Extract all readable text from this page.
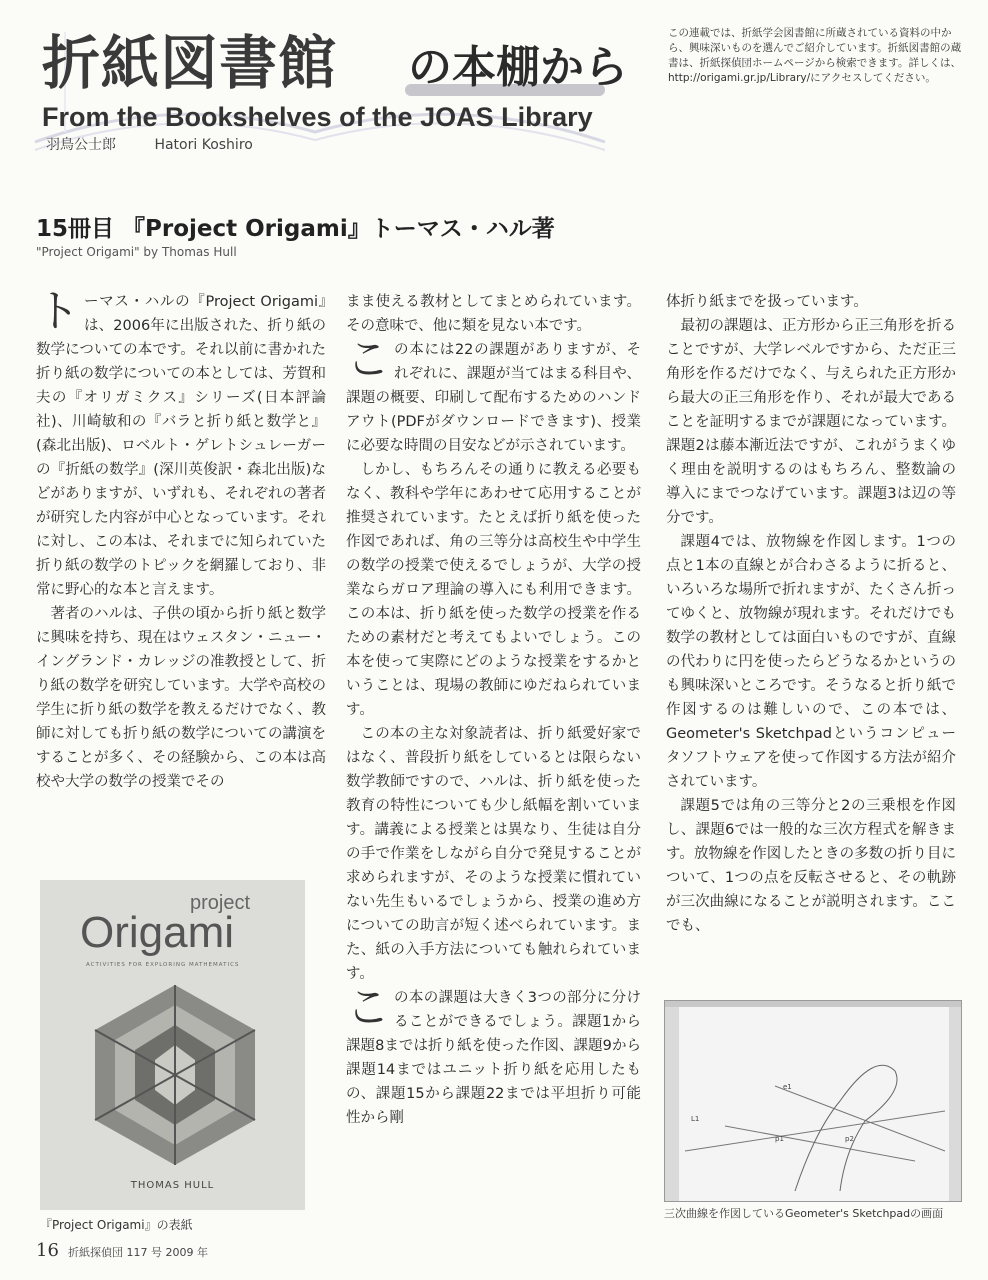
折紙図書館 の本棚から
From the Bookshelves of the JOAS Library
羽鳥公士郎	Hatori Koshiro
この連載では、折紙学会図書館に所蔵されている資料の中から、興味深いものを選んでご紹介しています。折紙図書館の蔵書は、折紙探偵団ホームページから検索できます。詳しくは、http://origami.gr.jp/Library/にアクセスしてください。
15冊目 『Project Origami』トーマス・ハル著
"Project Origami" by Thomas Hull

ト ーマス・ハルの『Project Origami』は、2006年に出版された、折り紙の数学についての本です。それ以前に書かれた折り紙の数学についての本としては、芳賀和夫の『オリガミクス』シリーズ(日本評論社)、川崎敏和の『バラと折り紙と数学と』(森北出版)、ロベルト・ゲレトシュレーガーの『折紙の数学』(深川英俊訳・森北出版)などがありますが、いずれも、それぞれの著者が研究した内容が中心となっています。それに対し、この本は、それまでに知られていた折り紙の数学のトピックを網羅しており、非常に野心的な本と言えます。

著者のハルは、子供の頃から折り紙と数学に興味を持ち、現在はウェスタン・ニュー・イングランド・カレッジの准教授として、折り紙の数学を研究しています。大学や高校の学生に折り紙の数学を教えるだけでなく、教師に対しても折り紙の数学についての講演をすることが多く、その経験から、この本は高校や大学の数学の授業でその

まま使える教材としてまとめられています。その意味で、他に類を見ない本です。

この本には22の課題がありますが、それぞれに、課題が当てはまる科目や、課題の概要、印刷して配布するためのハンドアウト(PDFがダウンロードできます)、授業に必要な時間の目安などが示されています。

しかし、もちろんその通りに教える必要もなく、教科や学年にあわせて応用することが推奨されています。たとえば折り紙を使った作図であれば、角の三等分は高校生や中学生の数学の授業で使えるでしょうが、大学の授業ならガロア理論の導入にも利用できます。この本は、折り紙を使った数学の授業を作るための素材だと考えてもよいでしょう。この本を使って実際にどのような授業をするかということは、現場の教師にゆだねられています。

この本の主な対象読者は、折り紙愛好家ではなく、普段折り紙をしているとは限らない数学教師ですので、ハルは、折り紙を使った教育の特性についても少し紙幅を割いています。講義による授業とは異なり、生徒は自分の手で作業をしながら自分で発見することが求められますが、そのような授業に慣れていない先生もいるでしょうから、授業の進め方についての助言が短く述べられています。また、紙の入手方法についても触れられています。

この本の課題は大きく3つの部分に分けることができるでしょう。課題1から課題8までは折り紙を使った作図、課題9から課題14まではユニット折り紙を応用したもの、課題15から課題22までは平坦折り可能性から剛

体折り紙までを扱っています。

最初の課題は、正方形から正三角形を折ることですが、大学レベルですから、ただ正三角形を作るだけでなく、与えられた正方形から最大の正三角形を作り、それが最大であることを証明するまでが課題になっています。課題2は藤本漸近法ですが、これがうまくゆく理由を説明するのはもちろん、整数論の導入にまでつなげています。課題3は辺の等分です。

課題4では、放物線を作図します。1つの点と1本の直線とが合わさるように折ると、いろいろな場所で折れますが、たくさん折ってゆくと、放物線が現れます。それだけでも数学の教材としては面白いものですが、直線の代わりに円を使ったらどうなるかというのも興味深いところです。そうなると折り紙で作図するのは難しいので、この本では、Geometer's Sketchpadというコンピュータソフトウェアを使って作図する方法が紹介されています。

課題5では角の三等分と2の三乗根を作図し、課題6では一般的な三次方程式を解きます。放物線を作図したときの多数の折り目について、1つの点を反転させると、その軌跡が三次曲線になることが説明されます。ここでも、

project
Origami
ACTIVITIES FOR EXPLORING MATHEMATICS
THOMAS HULL
『Project Origami』の表紙
e1
L1
p1	p2
三次曲線を作図しているGeometer's Sketchpadの画面
16 折紙探偵団 117 号 2009 年
